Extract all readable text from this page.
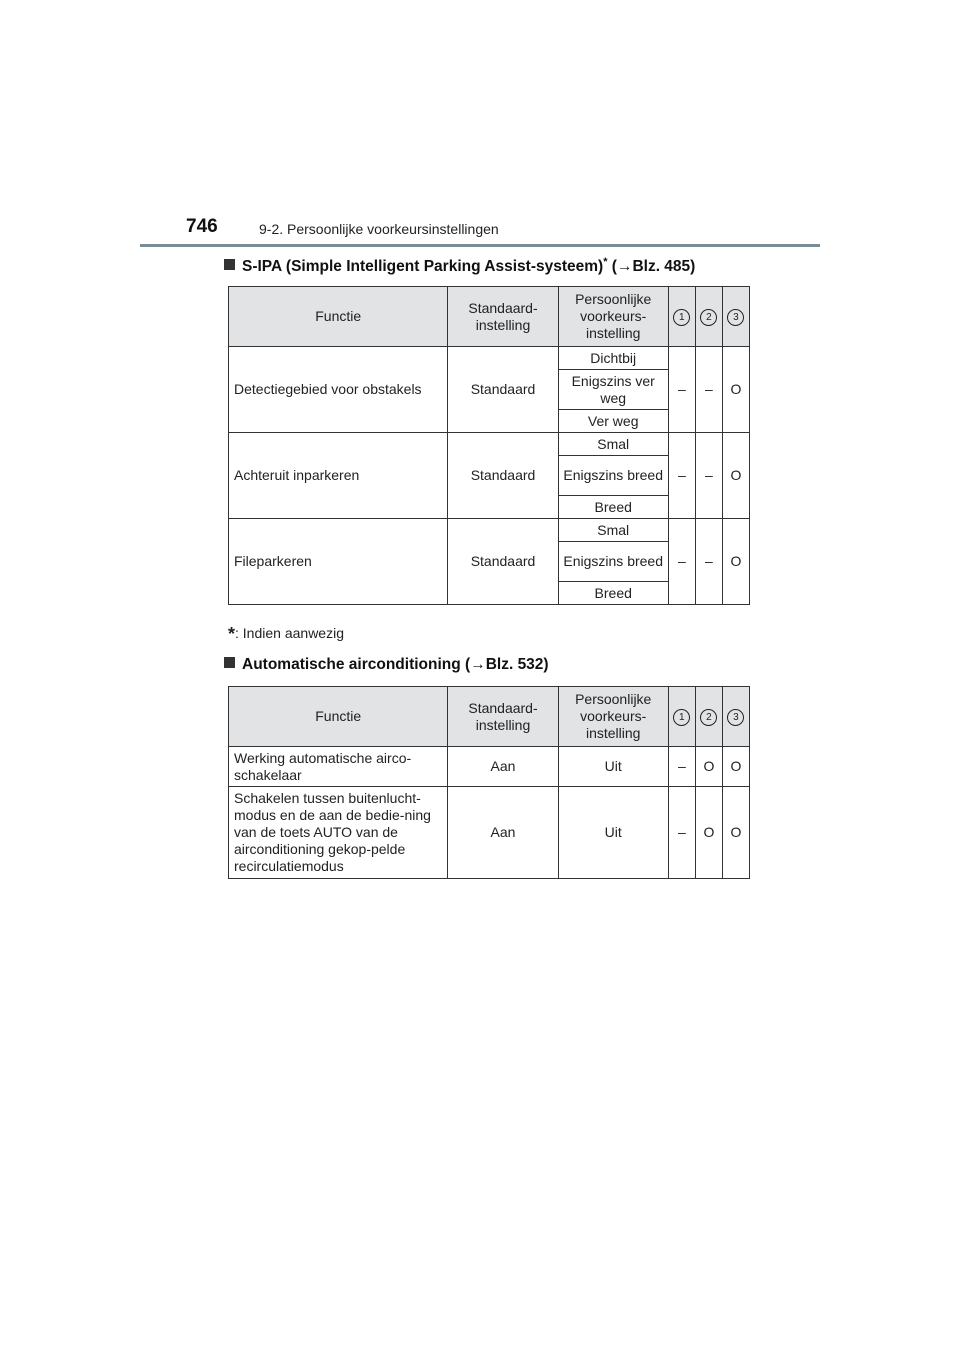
746	9-2. Persoonlijke voorkeursinstellingen
S-IPA (Simple Intelligent Parking Assist-systeem)* (→Blz. 485)
Functie	Standaard-instelling	Persoonlijke voorkeurs-instelling	1	2	3
Detectiegebied voor obstakels	Standaard	Dichtbij	–	–	O
		Enigszins ver weg			
		Ver weg			
Achteruit inparkeren	Standaard	Smal	–	–	O
		Enigszins breed			
		Breed			
Fileparkeren	Standaard	Smal	–	–	O
		Enigszins breed			
		Breed			
*: Indien aanwezig
Automatische airconditioning (→Blz. 532)
Functie	Standaard-instelling	Persoonlijke voorkeurs-instelling	1	2	3
Werking automatische airco-schakelaar	Aan	Uit	–	O	O
Schakelen tussen buitenlucht-modus en de aan de bedie-ning van de toets AUTO van de airconditioning gekop-pelde recirculatiemodus	Aan	Uit	–	O	O
